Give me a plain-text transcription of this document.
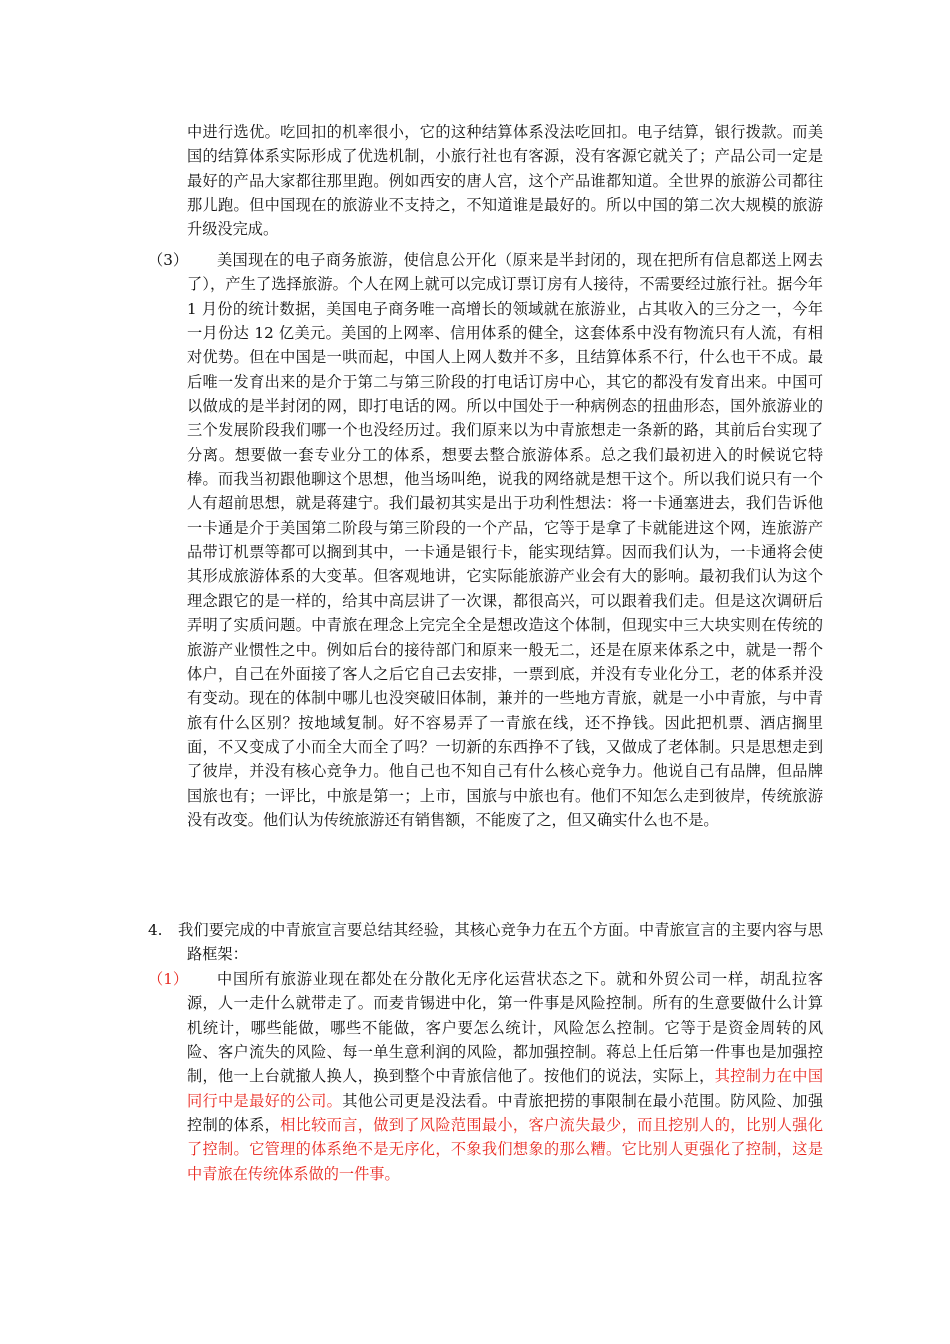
中进行选优。吃回扣的机率很小，它的这种结算体系没法吃回扣。电子结算，银行拨款。而美国的结算体系实际形成了优选机制，小旅行社也有客源，没有客源它就关了；产品公司一定是最好的产品大家都往那里跑。例如西安的唐人宫，这个产品谁都知道。全世界的旅游公司都往那儿跑。但中国现在的旅游业不支持之，不知道谁是最好的。所以中国的第二次大规模的旅游升级没完成。
（3）	美国现在的电子商务旅游，使信息公开化（原来是半封闭的，现在把所有信息都送上网去了），产生了选择旅游。个人在网上就可以完成订票订房有人接待，不需要经过旅行社。据今年 1 月份的统计数据，美国电子商务唯一高增长的领域就在旅游业，占其收入的三分之一，今年一月份达 12 亿美元。美国的上网率、信用体系的健全，这套体系中没有物流只有人流，有相对优势。但在中国是一哄而起，中国人上网人数并不多，且结算体系不行，什么也干不成。最后唯一发育出来的是介于第二与第三阶段的打电话订房中心，其它的都没有发育出来。中国可以做成的是半封闭的网，即打电话的网。所以中国处于一种病例态的扭曲形态，国外旅游业的三个发展阶段我们哪一个也没经历过。我们原来以为中青旅想走一条新的路，其前后台实现了分离。想要做一套专业分工的体系，想要去整合旅游体系。总之我们最初进入的时候说它特棒。而我当初跟他聊这个思想，他当场叫绝，说我的网络就是想干这个。所以我们说只有一个人有超前思想，就是蒋建宁。我们最初其实是出于功利性想法：将一卡通塞进去，我们告诉他一卡通是介于美国第二阶段与第三阶段的一个产品，它等于是拿了卡就能进这个网，连旅游产品带订机票等都可以搁到其中，一卡通是银行卡，能实现结算。因而我们认为，一卡通将会使其形成旅游体系的大变革。但客观地讲，它实际能旅游产业会有大的影响。最初我们认为这个理念跟它的是一样的，给其中高层讲了一次课，都很高兴，可以跟着我们走。但是这次调研后弄明了实质问题。中青旅在理念上完完全全是想改造这个体制，但现实中三大块实则在传统的旅游产业惯性之中。例如后台的接待部门和原来一般无二，还是在原来体系之中，就是一帮个体户，自己在外面接了客人之后它自己去安排，一票到底，并没有专业化分工，老的体系并没有变动。现在的体制中哪儿也没突破旧体制，兼并的一些地方青旅，就是一小中青旅，与中青旅有什么区别？按地域复制。好不容易弄了一青旅在线，还不挣钱。因此把机票、酒店搁里面，不又变成了小而全大而全了吗？一切新的东西挣不了钱，又做成了老体制。只是思想走到了彼岸，并没有核心竞争力。他自己也不知自己有什么核心竞争力。他说自己有品牌，但品牌国旅也有；一评比，中旅是第一；上市，国旅与中旅也有。他们不知怎么走到彼岸，传统旅游没有改变。他们认为传统旅游还有销售额，不能废了之，但又确实什么也不是。
4. 我们要完成的中青旅宣言要总结其经验，其核心竞争力在五个方面。中青旅宣言的主要内容与思路框架：
（1）	中国所有旅游业现在都处在分散化无序化运营状态之下。就和外贸公司一样，胡乱拉客源，人一走什么就带走了。而麦肯锡进中化，第一件事是风险控制。所有的生意要做什么计算机统计，哪些能做，哪些不能做，客户要怎么统计，风险怎么控制。它等于是资金周转的风险、客户流失的风险、每一单生意利润的风险，都加强控制。蒋总上任后第一件事也是加强控制，他一上台就撤人换人，换到整个中青旅信他了。按他们的说法，实际上，其控制力在中国同行中是最好的公司。其他公司更是没法看。中青旅把捞的事限制在最小范围。防风险、加强控制的体系，相比较而言，做到了风险范围最小，客户流失最少，而且挖别人的，比别人强化了控制。它管理的体系绝不是无序化，不象我们想象的那么糟。它比别人更强化了控制，这是中青旅在传统体系做的一件事。
